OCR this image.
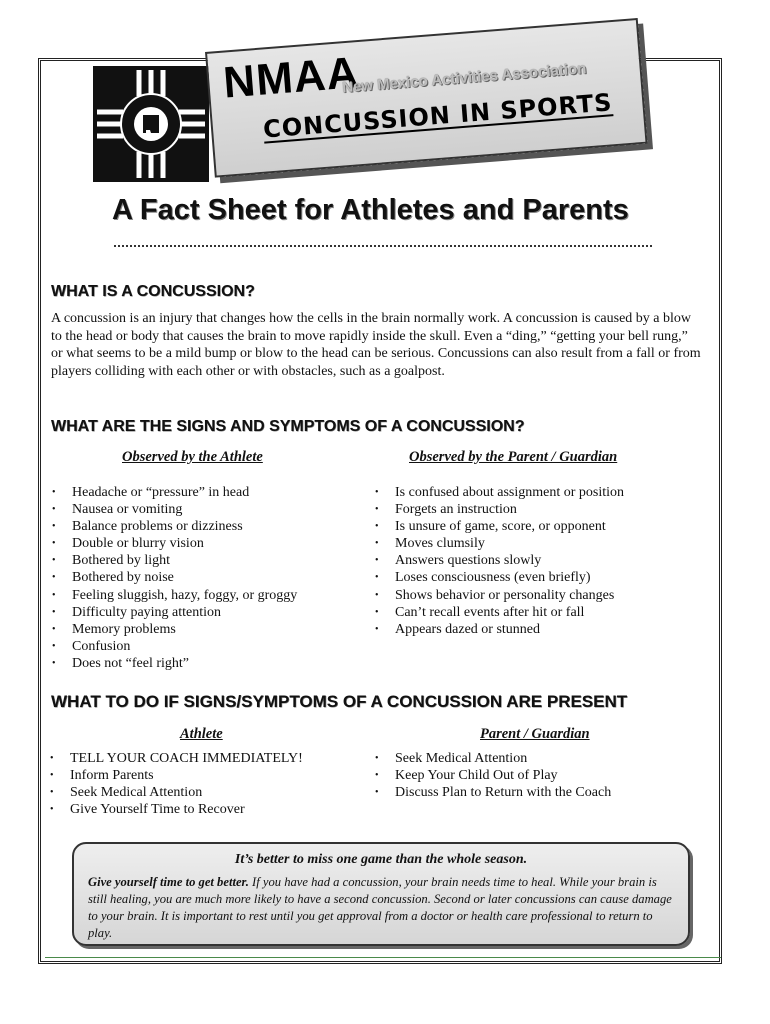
NMAA
New Mexico Activities Association
CONCUSSION IN SPORTS
A Fact Sheet for Athletes and Parents
WHAT IS A CONCUSSION?

A concussion is an injury that changes how the cells in the brain normally work. A concussion is caused by a blow to the head or body that causes the brain to move rapidly inside the skull. Even a “ding,” “getting your bell rung,” or what seems to be a mild bump or blow to the head can be serious. Concussions can also result from a fall or from players colliding with each other or with obstacles, such as a goalpost.

WHAT ARE THE SIGNS AND SYMPTOMS OF A CONCUSSION?
Observed by the Athlete	Observed by the Parent / Guardian
• Headache or “pressure” in head
• Nausea or vomiting
• Balance problems or dizziness
• Double or blurry vision
• Bothered by light
• Bothered by noise
• Feeling sluggish, hazy, foggy, or groggy
• Difficulty paying attention
• Memory problems
• Confusion
• Does not “feel right”
• Is confused about assignment or position
• Forgets an instruction
• Is unsure of game, score, or opponent
• Moves clumsily
• Answers questions slowly
• Loses consciousness (even briefly)
• Shows behavior or personality changes
• Can’t recall events after hit or fall
• Appears dazed or stunned
WHAT TO DO IF SIGNS/SYMPTOMS OF A CONCUSSION ARE PRESENT
Athlete	Parent / Guardian
• TELL YOUR COACH IMMEDIATELY!
• Inform Parents
• Seek Medical Attention
• Give Yourself Time to Recover
• Seek Medical Attention
• Keep Your Child Out of Play
• Discuss Plan to Return with the Coach
It’s better to miss one game than the whole season.

Give yourself time to get better. If you have had a concussion, your brain needs time to heal. While your brain is still healing, you are much more likely to have a second concussion. Second or later concussions can cause damage to your brain. It is important to rest until you get approval from a doctor or health care professional to return to play.
